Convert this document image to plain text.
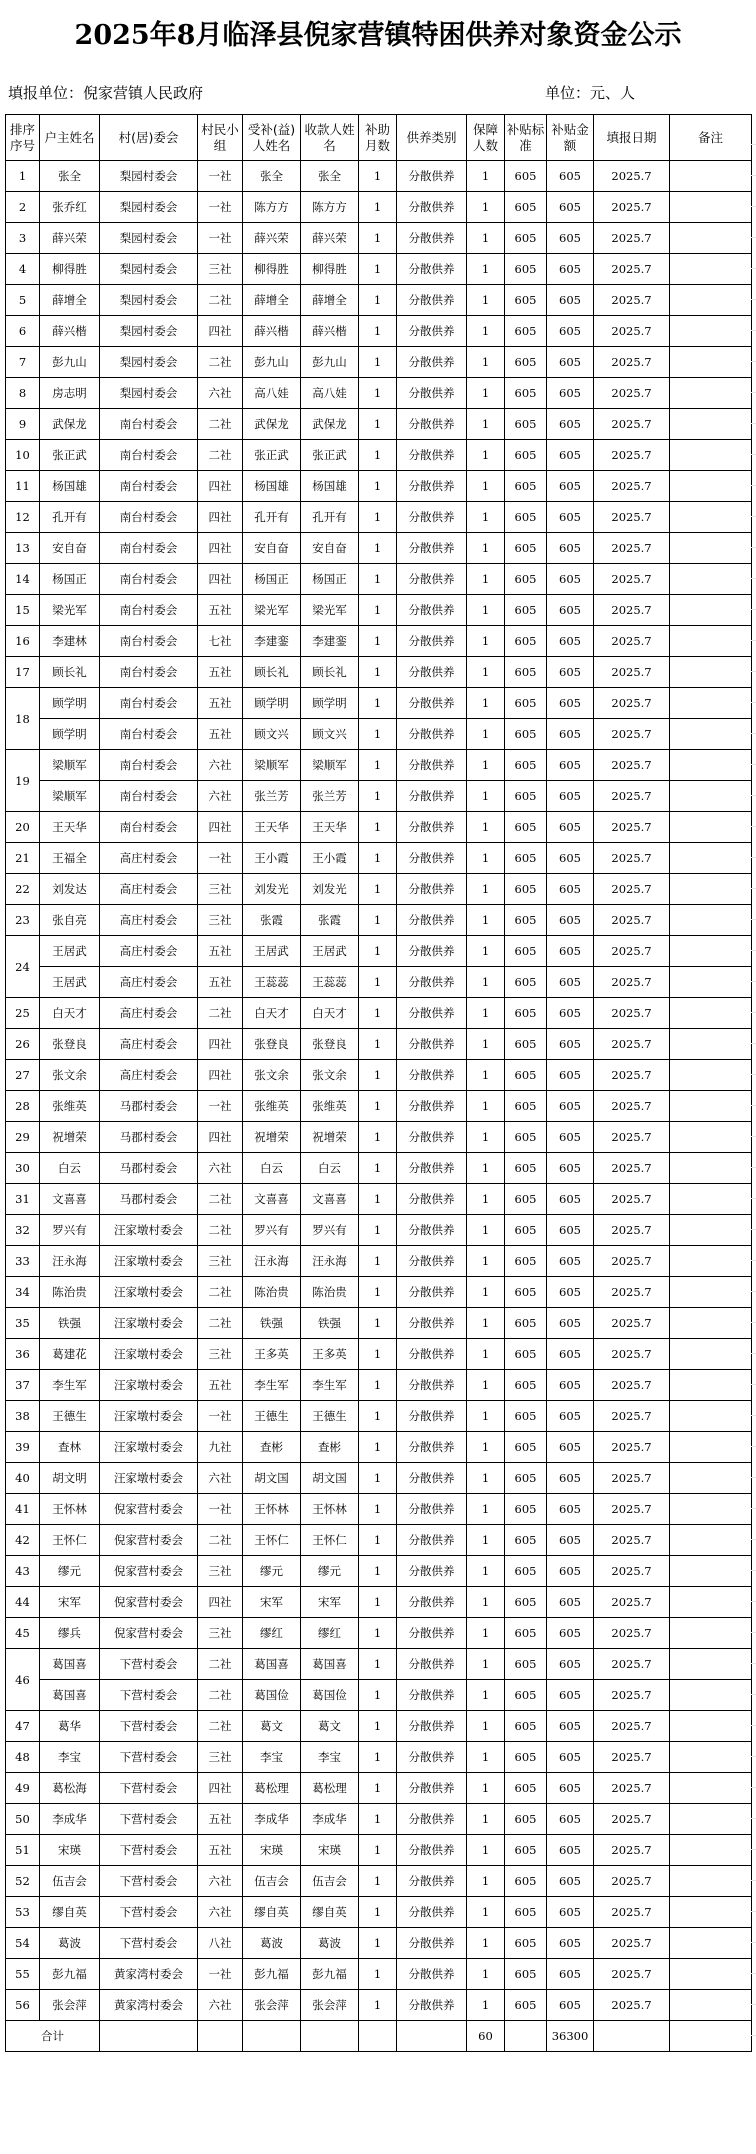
2025年8月临泽县倪家营镇特困供养对象资金公示
填报单位：倪家营镇人民政府	单位：元、人
排序序号	户主姓名	村(居)委会	村民小组	受补(益)人姓名	收款人姓名	补助月数	供养类别	保障人数	补贴标准	补贴金额	填报日期	备注
1	张全	梨园村委会	一社	张全	张全	1	分散供养	1	605	605	2025.7	
2	张乔红	梨园村委会	一社	陈方方	陈方方	1	分散供养	1	605	605	2025.7	
3	薛兴荣	梨园村委会	一社	薛兴荣	薛兴荣	1	分散供养	1	605	605	2025.7	
4	柳得胜	梨园村委会	三社	柳得胜	柳得胜	1	分散供养	1	605	605	2025.7	
5	薛增全	梨园村委会	二社	薛增全	薛增全	1	分散供养	1	605	605	2025.7	
6	薛兴楷	梨园村委会	四社	薛兴楷	薛兴楷	1	分散供养	1	605	605	2025.7	
7	彭九山	梨园村委会	二社	彭九山	彭九山	1	分散供养	1	605	605	2025.7	
8	房志明	梨园村委会	六社	高八娃	高八娃	1	分散供养	1	605	605	2025.7	
9	武保龙	南台村委会	二社	武保龙	武保龙	1	分散供养	1	605	605	2025.7	
10	张正武	南台村委会	二社	张正武	张正武	1	分散供养	1	605	605	2025.7	
11	杨国雄	南台村委会	四社	杨国雄	杨国雄	1	分散供养	1	605	605	2025.7	
12	孔开有	南台村委会	四社	孔开有	孔开有	1	分散供养	1	605	605	2025.7	
13	安自奋	南台村委会	四社	安自奋	安自奋	1	分散供养	1	605	605	2025.7	
14	杨国正	南台村委会	四社	杨国正	杨国正	1	分散供养	1	605	605	2025.7	
15	梁光军	南台村委会	五社	梁光军	梁光军	1	分散供养	1	605	605	2025.7	
16	李建林	南台村委会	七社	李建銮	李建銮	1	分散供养	1	605	605	2025.7	
17	顾长礼	南台村委会	五社	顾长礼	顾长礼	1	分散供养	1	605	605	2025.7	
18	顾学明	南台村委会	五社	顾学明	顾学明	1	分散供养	1	605	605	2025.7	
	顾学明	南台村委会	五社	顾文兴	顾文兴	1	分散供养	1	605	605	2025.7	
19	梁顺军	南台村委会	六社	梁顺军	梁顺军	1	分散供养	1	605	605	2025.7	
	梁顺军	南台村委会	六社	张兰芳	张兰芳	1	分散供养	1	605	605	2025.7	
20	王天华	南台村委会	四社	王天华	王天华	1	分散供养	1	605	605	2025.7	
21	王福全	高庄村委会	一社	王小霞	王小霞	1	分散供养	1	605	605	2025.7	
22	刘发达	高庄村委会	三社	刘发光	刘发光	1	分散供养	1	605	605	2025.7	
23	张自亮	高庄村委会	三社	张霞	张霞	1	分散供养	1	605	605	2025.7	
24	王居武	高庄村委会	五社	王居武	王居武	1	分散供养	1	605	605	2025.7	
	王居武	高庄村委会	五社	王蕊蕊	王蕊蕊	1	分散供养	1	605	605	2025.7	
25	白天才	高庄村委会	二社	白天才	白天才	1	分散供养	1	605	605	2025.7	
26	张登良	高庄村委会	四社	张登良	张登良	1	分散供养	1	605	605	2025.7	
27	张文余	高庄村委会	四社	张文余	张文余	1	分散供养	1	605	605	2025.7	
28	张维英	马郡村委会	一社	张维英	张维英	1	分散供养	1	605	605	2025.7	
29	祝增荣	马郡村委会	四社	祝增荣	祝增荣	1	分散供养	1	605	605	2025.7	
30	白云	马郡村委会	六社	白云	白云	1	分散供养	1	605	605	2025.7	
31	文喜喜	马郡村委会	二社	文喜喜	文喜喜	1	分散供养	1	605	605	2025.7	
32	罗兴有	汪家墩村委会	二社	罗兴有	罗兴有	1	分散供养	1	605	605	2025.7	
33	汪永海	汪家墩村委会	三社	汪永海	汪永海	1	分散供养	1	605	605	2025.7	
34	陈治贵	汪家墩村委会	二社	陈治贵	陈治贵	1	分散供养	1	605	605	2025.7	
35	铁强	汪家墩村委会	二社	铁强	铁强	1	分散供养	1	605	605	2025.7	
36	葛建花	汪家墩村委会	三社	王多英	王多英	1	分散供养	1	605	605	2025.7	
37	李生军	汪家墩村委会	五社	李生军	李生军	1	分散供养	1	605	605	2025.7	
38	王德生	汪家墩村委会	一社	王德生	王德生	1	分散供养	1	605	605	2025.7	
39	查林	汪家墩村委会	九社	查彬	查彬	1	分散供养	1	605	605	2025.7	
40	胡文明	汪家墩村委会	六社	胡文国	胡文国	1	分散供养	1	605	605	2025.7	
41	王怀林	倪家营村委会	一社	王怀林	王怀林	1	分散供养	1	605	605	2025.7	
42	王怀仁	倪家营村委会	二社	王怀仁	王怀仁	1	分散供养	1	605	605	2025.7	
43	缪元	倪家营村委会	三社	缪元	缪元	1	分散供养	1	605	605	2025.7	
44	宋军	倪家营村委会	四社	宋军	宋军	1	分散供养	1	605	605	2025.7	
45	缪兵	倪家营村委会	三社	缪红	缪红	1	分散供养	1	605	605	2025.7	
46	葛国喜	下营村委会	二社	葛国喜	葛国喜	1	分散供养	1	605	605	2025.7	
	葛国喜	下营村委会	二社	葛国俭	葛国俭	1	分散供养	1	605	605	2025.7	
47	葛华	下营村委会	二社	葛文	葛文	1	分散供养	1	605	605	2025.7	
48	李宝	下营村委会	三社	李宝	李宝	1	分散供养	1	605	605	2025.7	
49	葛松海	下营村委会	四社	葛松理	葛松理	1	分散供养	1	605	605	2025.7	
50	李成华	下营村委会	五社	李成华	李成华	1	分散供养	1	605	605	2025.7	
51	宋瑛	下营村委会	五社	宋瑛	宋瑛	1	分散供养	1	605	605	2025.7	
52	伍吉会	下营村委会	六社	伍吉会	伍吉会	1	分散供养	1	605	605	2025.7	
53	缪自英	下营村委会	六社	缪自英	缪自英	1	分散供养	1	605	605	2025.7	
54	葛波	下营村委会	八社	葛波	葛波	1	分散供养	1	605	605	2025.7	
55	彭九福	黄家湾村委会	一社	彭九福	彭九福	1	分散供养	1	605	605	2025.7	
56	张会萍	黄家湾村委会	六社	张会萍	张会萍	1	分散供养	1	605	605	2025.7	
合计								60		36300		
